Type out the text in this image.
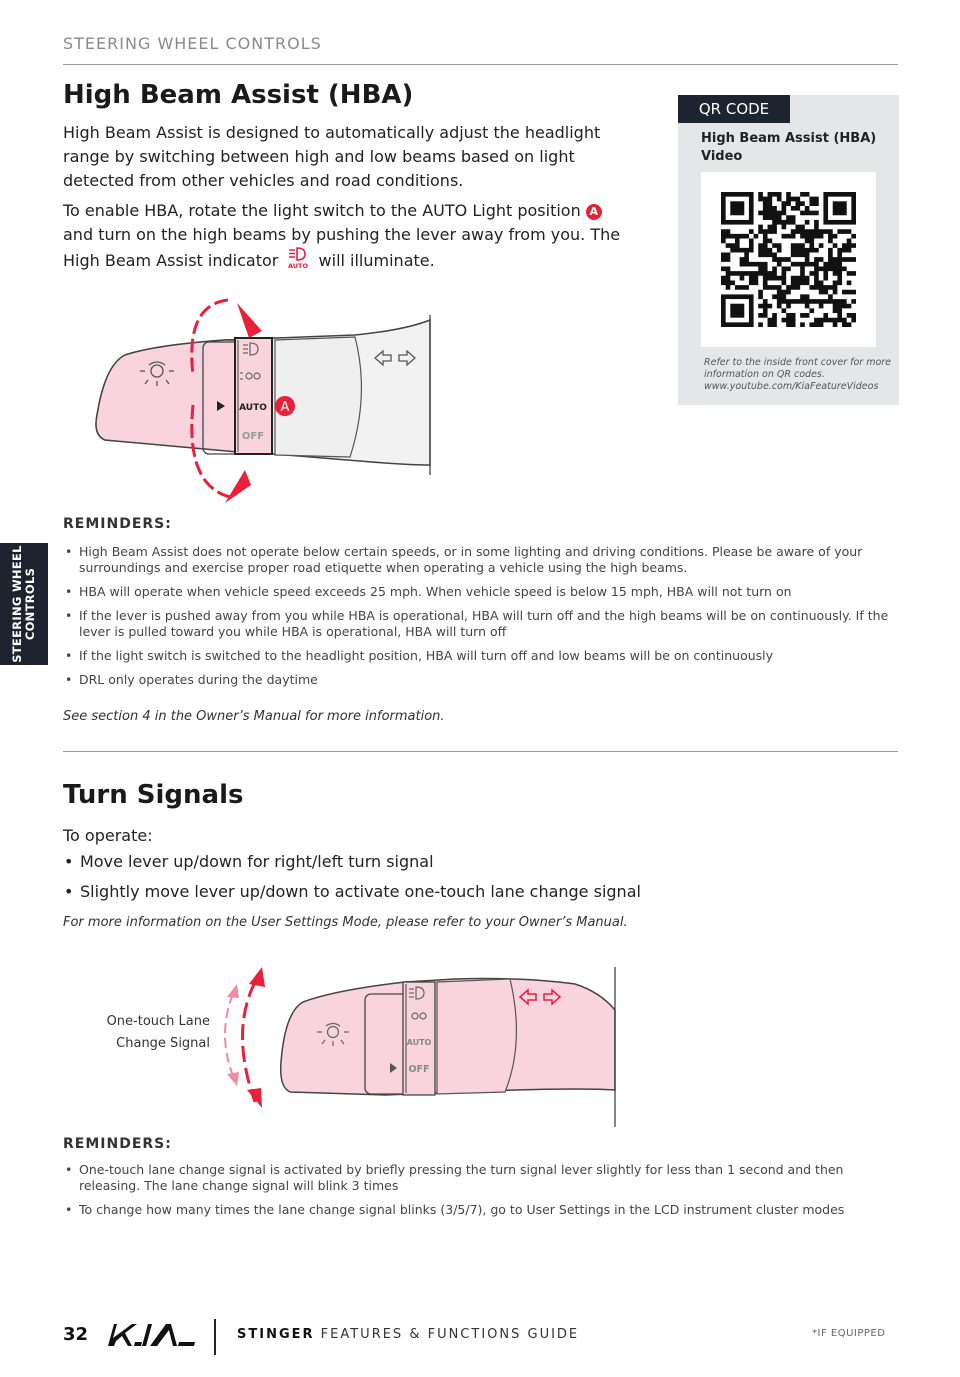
STEERING WHEEL CONTROLS
High Beam Assist (HBA)
High Beam Assist is designed to automatically adjust the headlight range by switching between high and low beams based on light detected from other vehicles and road conditions.
To enable HBA, rotate the light switch to the AUTO Light position A and turn on the high beams by pushing the lever away from you. The High Beam Assist indicator AUTO will illuminate.
QR CODE
High Beam Assist (HBA) Video
Refer to the inside front cover for more information on QR codes.
www.youtube.com/KiaFeatureVideos
AUTO
OFF
A
REMINDERS:
• High Beam Assist does not operate below certain speeds, or in some lighting and driving conditions. Please be aware of your surroundings and exercise proper road etiquette when operating a vehicle using the high beams.
• HBA will operate when vehicle speed exceeds 25 mph. When vehicle speed is below 15 mph, HBA will not turn on
• If the lever is pushed away from you while HBA is operational, HBA will turn off and the high beams will be on continuously. If the lever is pulled toward you while HBA is operational, HBA will turn off
• If the light switch is switched to the headlight position, HBA will turn off and low beams will be on continuously
• DRL only operates during the daytime
See section 4 in the Owner’s Manual for more information.
Turn Signals
To operate:
• Move lever up/down for right/left turn signal
• Slightly move lever up/down to activate one-touch lane change signal
For more information on the User Settings Mode, please refer to your Owner’s Manual.
One-touch Lane
Change Signal	AUTO
OFF
REMINDERS:
• One-touch lane change signal is activated by briefly pressing the turn signal lever slightly for less than 1 second and then releasing. The lane change signal will blink 3 times
• To change how many times the lane change signal blinks (3/5/7), go to User Settings in the LCD instrument cluster modes
STEERING WHEEL CONTROLS
32	STINGER FEATURES & FUNCTIONS GUIDE	*IF EQUIPPED
